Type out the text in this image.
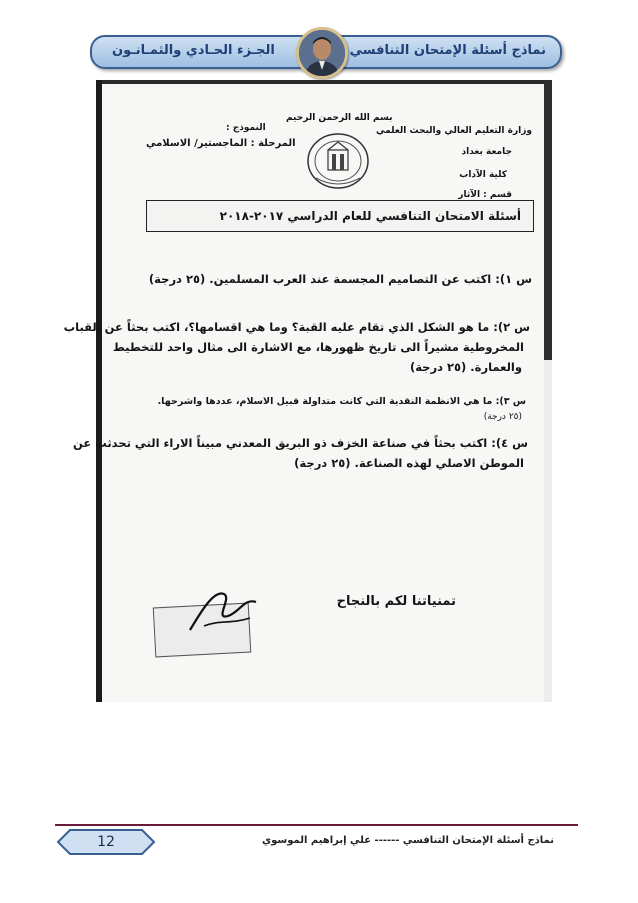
نماذج أسئلة الإمتحان التنافسي
الجـزء الحـادي والثمـانـون
بسم الله الرحمن الرحيم
وزارة التعليم العالي والبحث العلمي
جامعة بغداد
كلية الآداب
قسم : الآثار
النموذج :
المرحلة : الماجستير/ الاسلامي
أسئلة الامتحان التنافسي للعام الدراسي ٢٠١٧-٢٠١٨
س ١): اكتب عن التصاميم المجسمة عند العرب المسلمين. (٢٥ درجة)
س ٢): ما هو الشكل الذي تقام عليه القبة؟ وما هي اقسامها؟، اكتب بحثاً عن القباب
المخروطية مشيراً الى تاريخ ظهورها، مع الاشارة الى مثال واحد للتخطيط
والعمارة. (٢٥ درجة)
س ٣): ما هي الانظمة النقدية التي كانت متداولة قبيل الاسلام، عددها واشرحها.
(٢٥ درجة)
س ٤): اكتب بحثاً في صناعة الخزف ذو البريق المعدني مبيناً الاراء التي تحدثت عن
الموطن الاصلي لهذه الصناعة. (٢٥ درجة)
تمنياتنا لكم بالنجاح
نماذج أسئلة الإمتحان التنافسي ------ علي إبراهيم الموسوي
12
